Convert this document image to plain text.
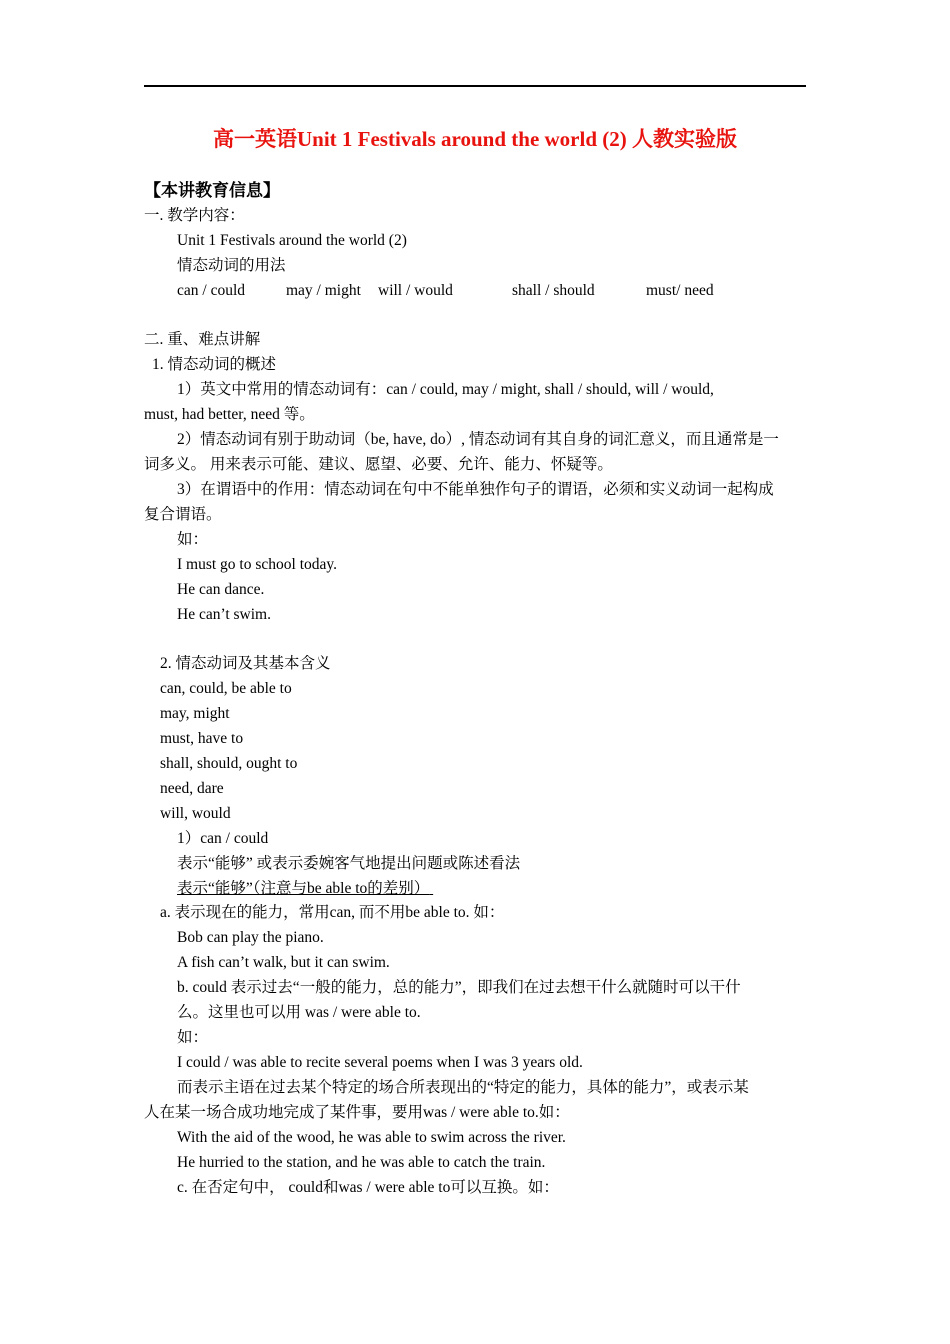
高一英语Unit 1 Festivals around the world (2) 人教实验版
【本讲教育信息】
一. 教学内容：
Unit 1 Festivals around the world (2)
情态动词的用法
can / could	may / might will / would	shall / should	must/ need
二. 重、难点讲解
1. 情态动词的概述
1）英文中常用的情态动词有：can / could, may / might, shall / should, will / would,
must, had better, need 等。
2）情态动词有别于助动词（be, have, do）, 情态动词有其自身的词汇意义，而且通常是一
词多义。 用来表示可能、建议、愿望、必要、允许、能力、怀疑等。
3）在谓语中的作用：情态动词在句中不能单独作句子的谓语，必须和实义动词一起构成
复合谓语。
如：
I must go to school today.
He can dance.
He can’t swim.
2. 情态动词及其基本含义
can, could, be able to
may, might
must, have to
shall, should, ought to
need, dare
will, would
1）can / could
表示“能够” 或表示委婉客气地提出问题或陈述看法
表示“能够”（注意与be able to的差别）
a. 表示现在的能力，常用can, 而不用be able to. 如：
Bob can play the piano.
A fish can’t walk, but it can swim.
b. could 表示过去“一般的能力，总的能力”，即我们在过去想干什么就随时可以干什
么。这里也可以用 was / were able to.
如：
I could / was able to recite several poems when I was 3 years old.
而表示主语在过去某个特定的场合所表现出的“特定的能力，具体的能力”，或表示某
人在某一场合成功地完成了某件事，要用was / were able to.如：
With the aid of the wood, he was able to swim across the river.
He hurried to the station, and he was able to catch the train.
c. 在否定句中， could和was / were able to可以互换。如：
